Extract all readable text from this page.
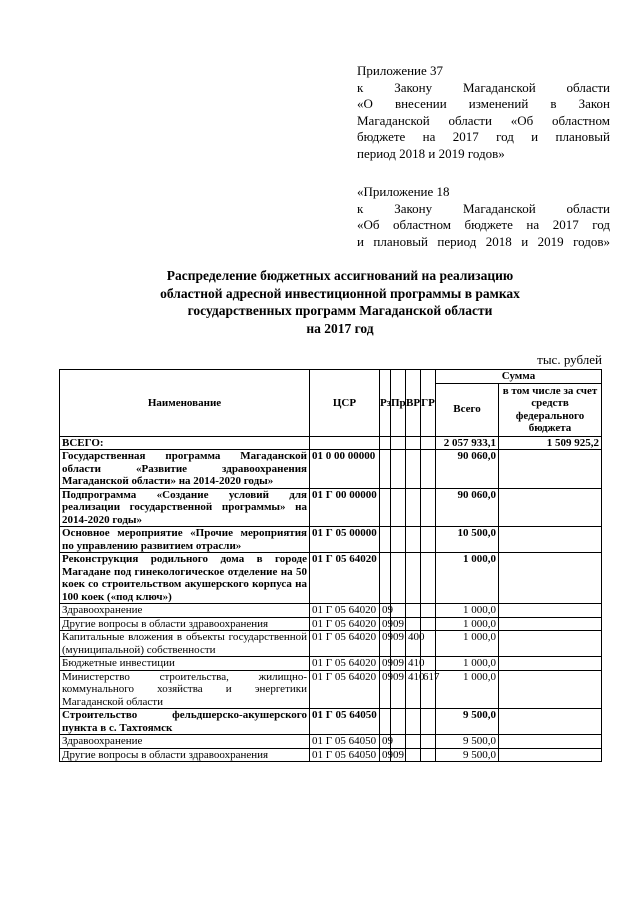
Приложение 37
к Закону Магаданской области
«О внесении изменений в Закон
Магаданской области «Об областном
бюджете на 2017 год и плановый
период 2018 и 2019 годов»
«Приложение 18
к Закону Магаданской области
«Об областном бюджете на 2017 год
и плановый период 2018 и 2019 годов»
Распределение бюджетных ассигнований на реализацию
областной адресной инвестиционной программы в рамках
государственных программ Магаданской области
на 2017 год
тыс. рублей
Наименование	ЦСР	Рз	Пр	ВР	ГР	Сумма	
						Всего	в том числе за счет средств федерального бюджета
ВСЕГО:						2 057 933,1	1 509 925,2
Государственная программа Магаданской области «Развитие здравоохранения Магаданской области» на 2014-2020 годы»	01 0 00 00000					90 060,0	
Подпрограмма «Создание условий для реализации государственной программы» на 2014-2020 годы»	01 Г 00 00000					90 060,0	
Основное мероприятие «Прочие мероприятия по управлению развитием отрасли»	01 Г 05 00000					10 500,0	
Реконструкция родильного дома в городе Магадане под гинекологическое отделение на 50 коек со строительством акушерского корпуса на 100 коек («под ключ»)	01 Г 05 64020					1 000,0	
Здравоохранение	01 Г 05 64020	09				1 000,0	
Другие вопросы в области здравоохранения	01 Г 05 64020	09	09			1 000,0	
Капитальные вложения в объекты государственной (муниципальной) собственности	01 Г 05 64020	09	09	400		1 000,0	
Бюджетные инвестиции	01 Г 05 64020	09	09	410		1 000,0	
Министерство строительства, жилищно-коммунального хозяйства и энергетики Магаданской области	01 Г 05 64020	09	09	410	617	1 000,0	
Строительство фельдшерско-акушерского пункта в с. Тахтоямск	01 Г 05 64050					9 500,0	
Здравоохранение	01 Г 05 64050	09				9 500,0	
Другие вопросы в области здравоохранения	01 Г 05 64050	09	09			9 500,0	
